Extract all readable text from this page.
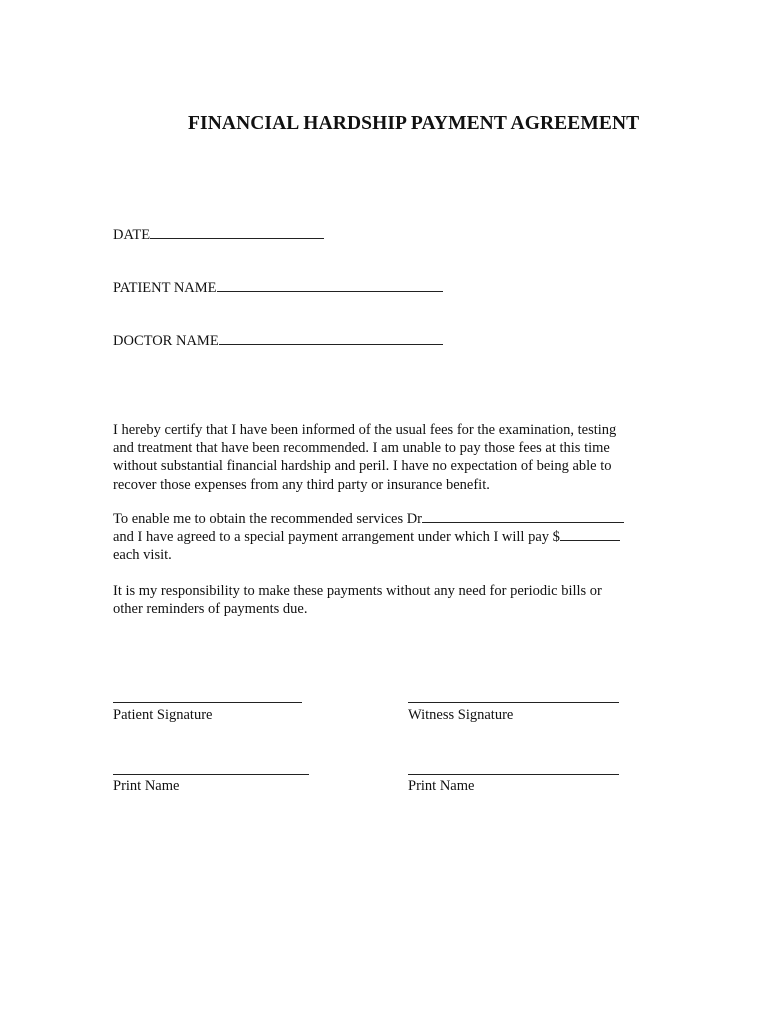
FINANCIAL HARDSHIP PAYMENT AGREEMENT
DATE
PATIENT NAME
DOCTOR NAME
I hereby certify that I have been informed of the usual fees for the examination, testing
and treatment that have been recommended. I am unable to pay those fees at this time
without substantial financial hardship and peril. I have no expectation of being able to
recover those expenses from any third party or insurance benefit.
To enable me to obtain the recommended services Dr
and I have agreed to a special payment arrangement under which I will pay $
each visit.
It is my responsibility to make these payments without any need for periodic bills or
other reminders of payments due.
Patient Signature	Witness Signature
Print Name	Print Name
